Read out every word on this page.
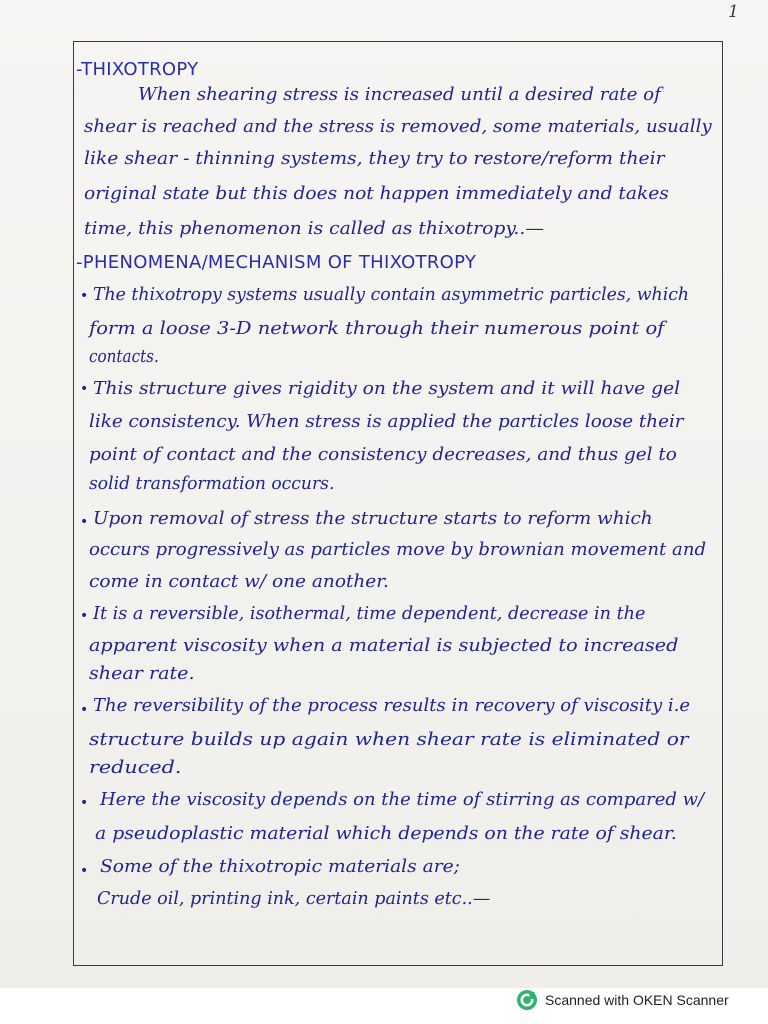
1
-THIXOTROPY
When shearing stress is increased until a desired rate of
shear is reached and the stress is removed, some materials, usually
like shear - thinning systems, they try to restore/reform their
original state but this does not happen immediately and takes
time, this phenomenon is called as thixotropy..—
-PHENOMENA/MECHANISM OF THIXOTROPY
• The thixotropy systems usually contain asymmetric particles, which
form a loose 3-D network through their numerous point of
contacts.
• This structure gives rigidity on the system and it will have gel
like consistency. When stress is applied the particles loose their
point of contact and the consistency decreases, and thus gel to
solid transformation occurs.
• Upon removal of stress the structure starts to reform which
occurs progressively as particles move by brownian movement and
come in contact w/ one another.
• It is a reversible, isothermal, time dependent, decrease in the
apparent viscosity when a material is subjected to increased
shear rate.
• The reversibility of the process results in recovery of viscosity i.e
structure builds up again when shear rate is eliminated or
reduced.
• Here the viscosity depends on the time of stirring as compared w/
a pseudoplastic material which depends on the rate of shear.
• Some of the thixotropic materials are;
Crude oil, printing ink, certain paints etc..—
Scanned with OKEN Scanner
